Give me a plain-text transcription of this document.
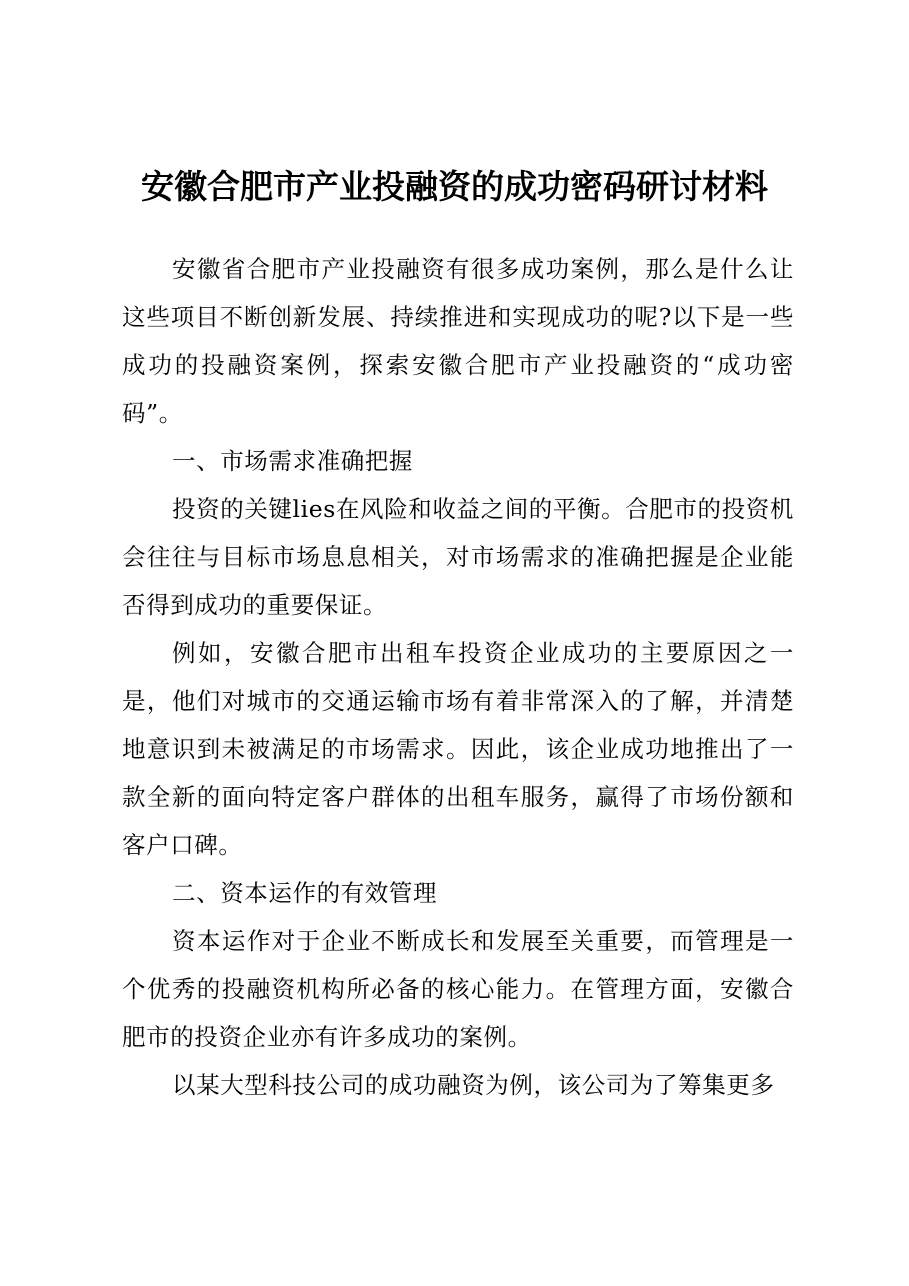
安徽合肥市产业投融资的成功密码研讨材料

安徽省合肥市产业投融资有很多成功案例，那么是什么让这些项目不断创新发展、持续推进和实现成功的呢?以下是一些成功的投融资案例，探索安徽合肥市产业投融资的“成功密码”。

一、市场需求准确把握

投资的关键lies在风险和收益之间的平衡。合肥市的投资机会往往与目标市场息息相关，对市场需求的准确把握是企业能否得到成功的重要保证。

例如，安徽合肥市出租车投资企业成功的主要原因之一是，他们对城市的交通运输市场有着非常深入的了解，并清楚地意识到未被满足的市场需求。因此，该企业成功地推出了一款全新的面向特定客户群体的出租车服务，赢得了市场份额和客户口碑。

二、资本运作的有效管理

资本运作对于企业不断成长和发展至关重要，而管理是一个优秀的投融资机构所必备的核心能力。在管理方面，安徽合肥市的投资企业亦有许多成功的案例。

以某大型科技公司的成功融资为例，该公司为了筹集更多
